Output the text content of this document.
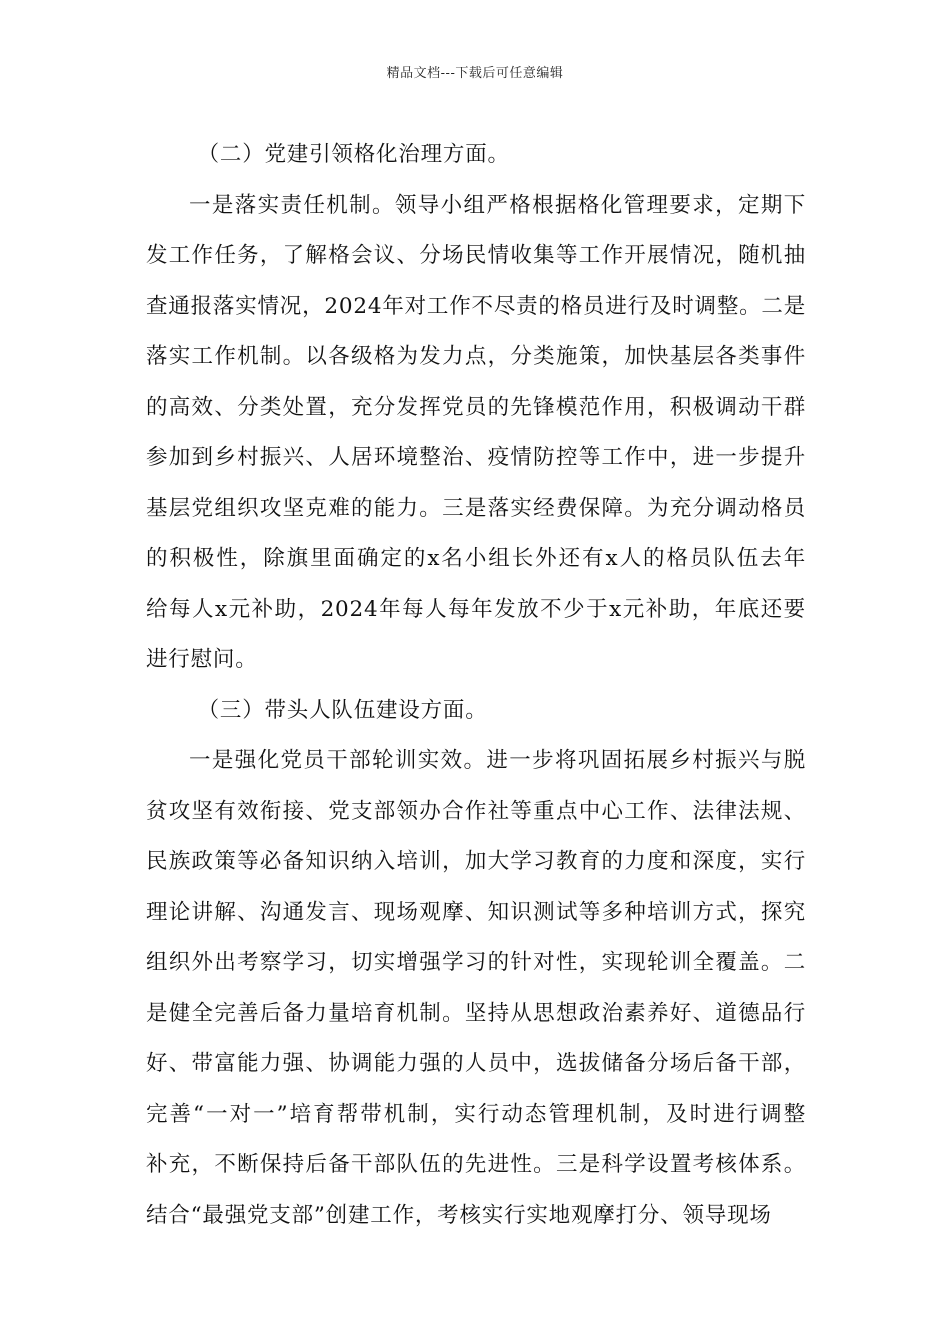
精品文档---下载后可任意编辑
（二）党建引领格化治理方面。
一是落实责任机制。领导小组严格根据格化管理要求，定期下
发工作任务，了解格会议、分场民情收集等工作开展情况，随机抽
查通报落实情况，2024年对工作不尽责的格员进行及时调整。二是
落实工作机制。以各级格为发力点，分类施策，加快基层各类事件
的高效、分类处置，充分发挥党员的先锋模范作用，积极调动干群
参加到乡村振兴、人居环境整治、疫情防控等工作中，进一步提升
基层党组织攻坚克难的能力。三是落实经费保障。为充分调动格员
的积极性，除旗里面确定的x名小组长外还有x人的格员队伍去年
给每人x元补助，2024年每人每年发放不少于x元补助，年底还要
进行慰问。
（三）带头人队伍建设方面。
一是强化党员干部轮训实效。进一步将巩固拓展乡村振兴与脱
贫攻坚有效衔接、党支部领办合作社等重点中心工作、法律法规、
民族政策等必备知识纳入培训，加大学习教育的力度和深度，实行
理论讲解、沟通发言、现场观摩、知识测试等多种培训方式，探究
组织外出考察学习，切实增强学习的针对性，实现轮训全覆盖。二
是健全完善后备力量培育机制。坚持从思想政治素养好、道德品行
好、带富能力强、协调能力强的人员中，选拔储备分场后备干部，
完善“一对一”培育帮带机制，实行动态管理机制，及时进行调整
补充，不断保持后备干部队伍的先进性。三是科学设置考核体系。
结合“最强党支部”创建工作，考核实行实地观摩打分、领导现场
